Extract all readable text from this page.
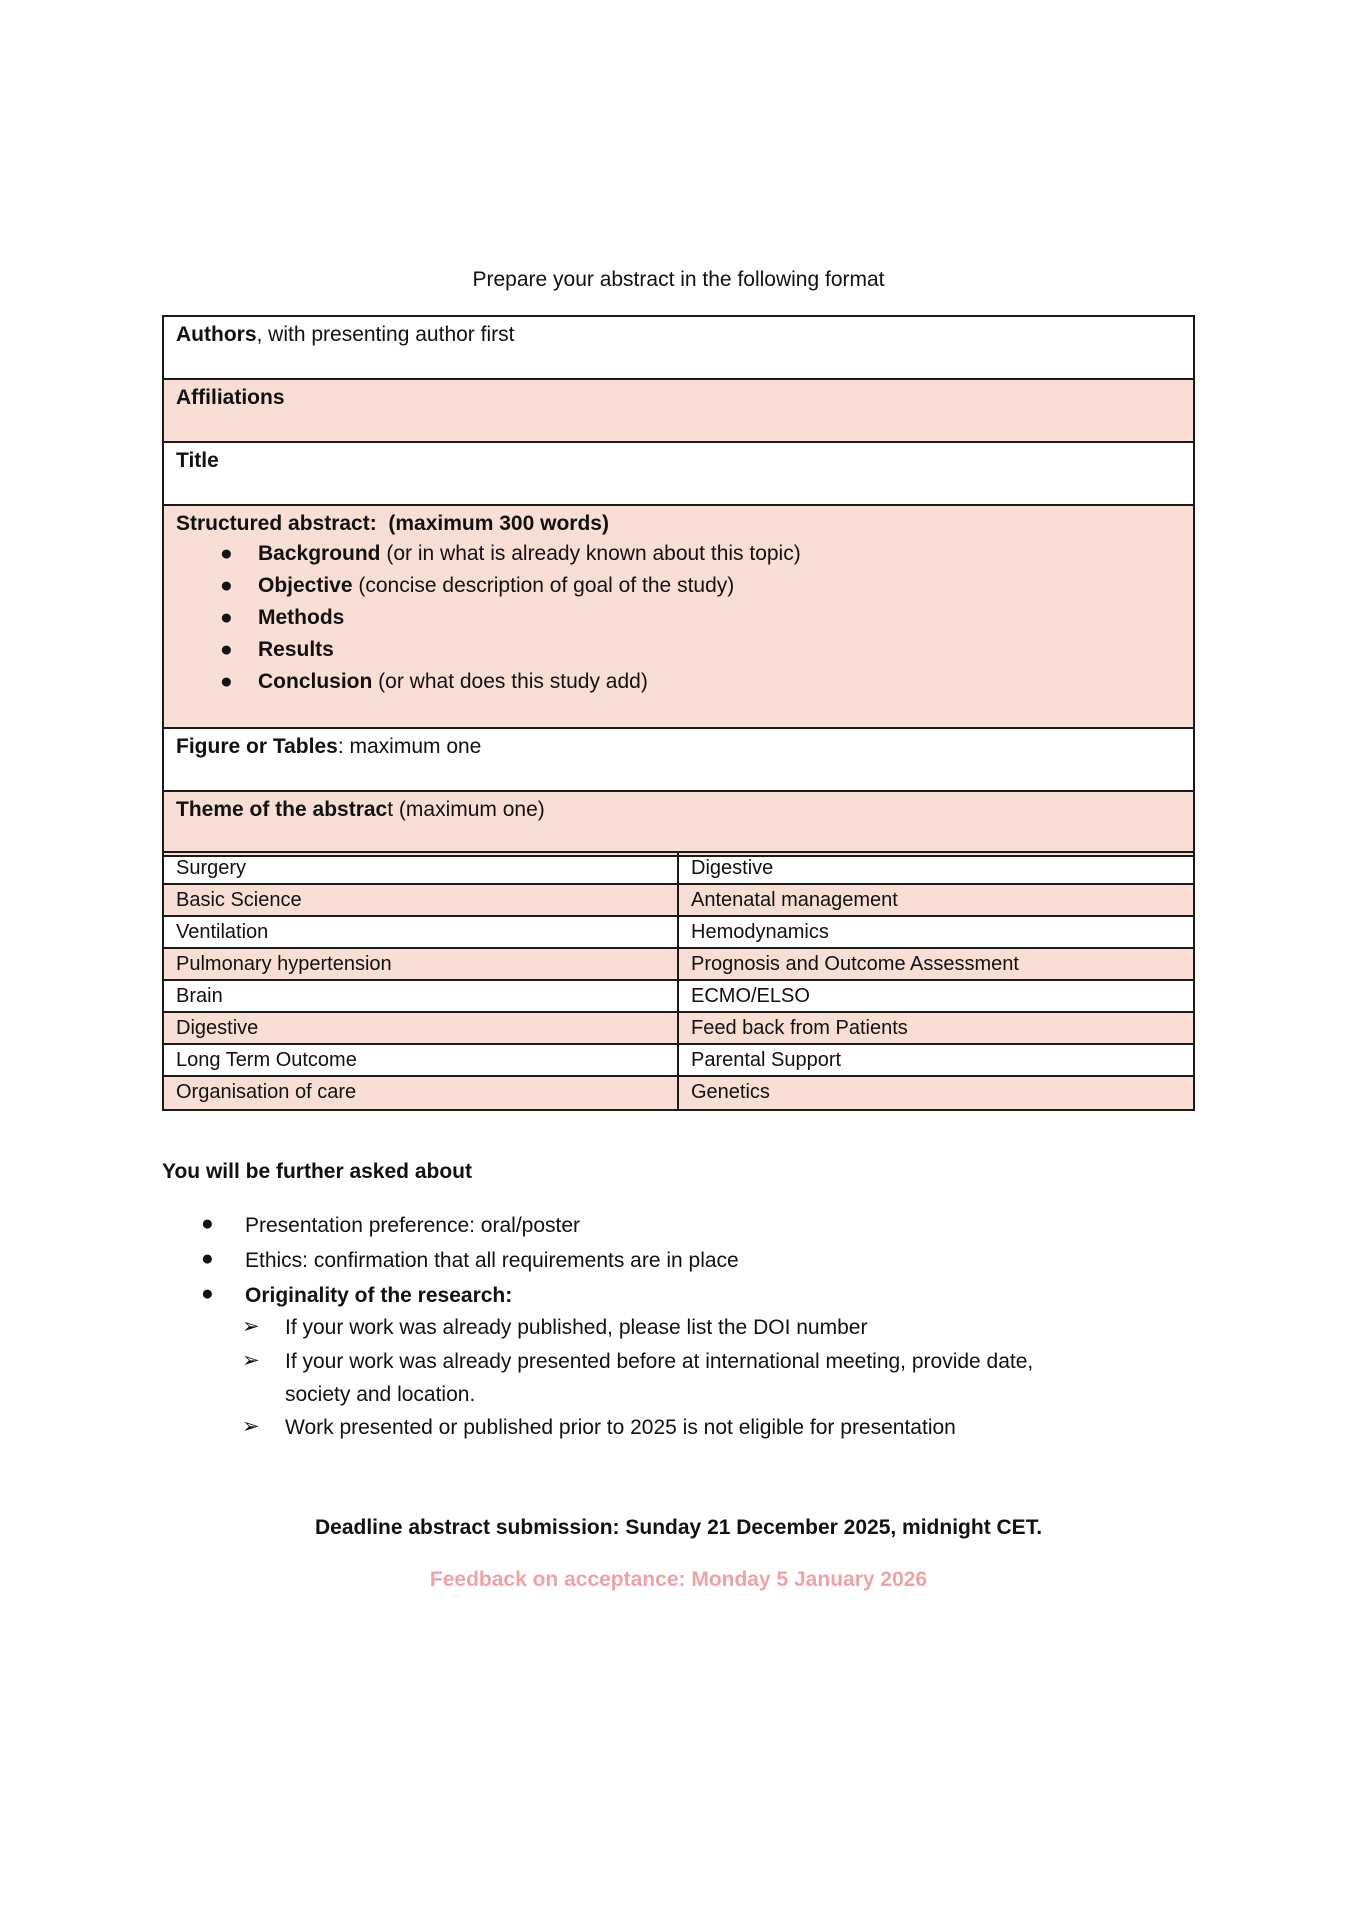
Prepare your abstract in the following format
Authors, with presenting author first
Affiliations
Title
Structured abstract:  (maximum 300 words)
● Background (or in what is already known about this topic)
● Objective (concise description of goal of the study)
● Methods
● Results
● Conclusion (or what does this study add)
Figure or Tables: maximum one
Theme of the abstract (maximum one)
Surgery	Digestive
Basic Science	Antenatal management
Ventilation	Hemodynamics
Pulmonary hypertension	Prognosis and Outcome Assessment
Brain	ECMO/ELSO
Digestive	Feed back from Patients
Long Term Outcome	Parental Support
Organisation of care	Genetics
You will be further asked about
● Presentation preference: oral/poster
● Ethics: confirmation that all requirements are in place
● Originality of the research:
➢ If your work was already published, please list the DOI number
➢ If your work was already presented before at international meeting, provide date,
society and location.
➢ Work presented or published prior to 2025 is not eligible for presentation
Deadline abstract submission: Sunday 21 December 2025, midnight CET.
Feedback on acceptance: Monday 5 January 2026
